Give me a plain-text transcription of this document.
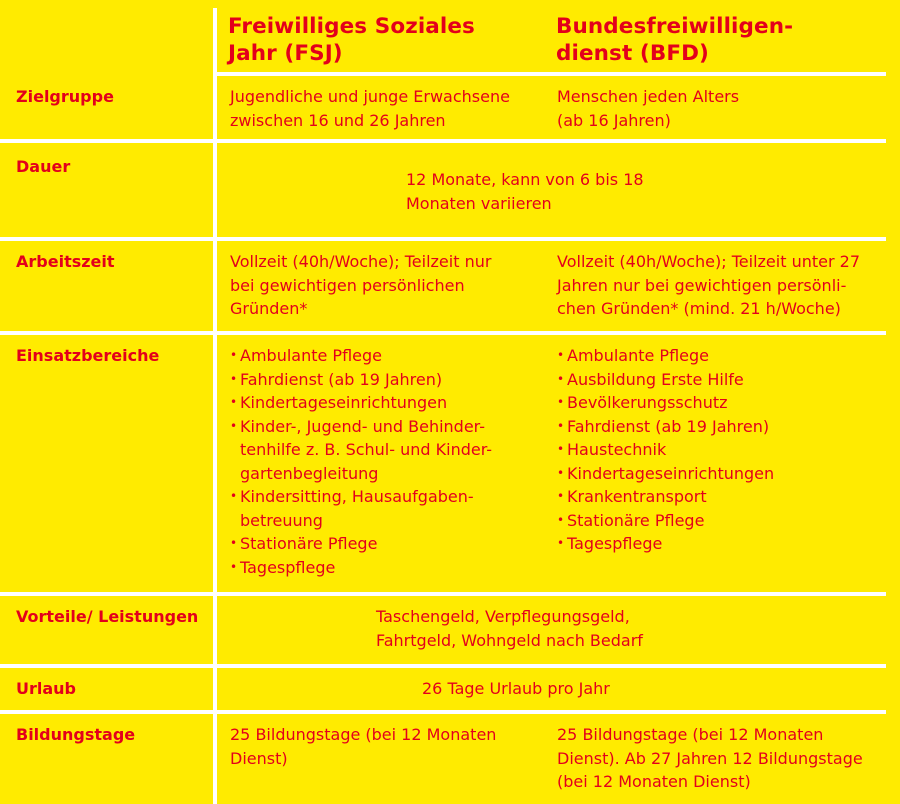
Freiwilliges Soziales
Jahr (FSJ)
Bundesfreiwilligen-
dienst (BFD)
Zielgruppe	Jugendliche und junge Erwachsene
zwischen 16 und 26 Jahren
Menschen jeden Alters
(ab 16 Jahren)
Dauer
12 Monate, kann von 6 bis 18
Monaten variieren
Arbeitszeit	Vollzeit (40h/Woche); Teilzeit nur
bei gewichtigen persönlichen
Gründen*
Vollzeit (40h/Woche); Teilzeit unter 27
Jahren nur bei gewichtigen persönli-
chen Gründen* (mind. 21 h/Woche)
Einsatzbereiche
•	Ambulante Pflege
• Fahrdienst (ab 19 Jahren)
• Kindertageseinrichtungen
• Kinder-, Jugend- und Behinder-
tenhilfe z. B. Schul- und Kinder-
gartenbegleitung
• Kindersitting, Hausaufgaben-
betreuung
• Stationäre Pflege
• Tagespflege
• Ambulante Pflege
• Ausbildung Erste Hilfe
• Bevölkerungsschutz
• Fahrdienst (ab 19 Jahren)
• Haustechnik
• Kindertageseinrichtungen
• Krankentransport
• Stationäre Pflege
• Tagespflege
Vorteile/ Leistungen	Taschengeld, Verpflegungsgeld,
Fahrtgeld, Wohngeld nach Bedarf
Urlaub	26 Tage Urlaub pro Jahr
Bildungstage	25 Bildungstage (bei 12 Monaten
Dienst)
25 Bildungstage (bei 12 Monaten
Dienst). Ab 27 Jahren 12 Bildungstage
(bei 12 Monaten Dienst)
